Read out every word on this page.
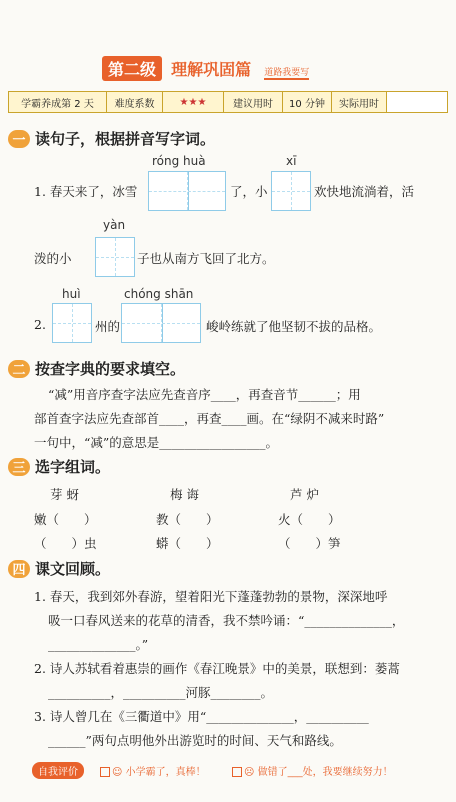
第二级 理解巩固篇 道路我要写
学霸养成第 2 天	难度系数	★★★	建议用时	10 分钟	实际用时
一 读句子，根据拼音写字词。
róng huà	xī
1. 春天来了，冰雪	了，小	欢快地流淌着，活
yàn
泼的小	子也从南方飞回了北方。
huì	chóng shān
2.	州的	峻岭练就了他坚韧不拔的品格。
二 按查字典的要求填空。
“减”用音序查字法应先查音序____，再查音节______；用
部首查字法应先查部首____，再查____画。在“绿阴不减来时路”
一句中，“减”的意思是_________________。
三 选字组词。
芽 蚜	梅 诲	芦 炉
嫩（　　）	教（　　）	火（　　）
（　　）虫	蟒（　　）	（　　）笋
四 课文回顾。
1. 春天，我到郊外春游，望着阳光下蓬蓬勃勃的景物，深深地呼
吸一口春风送来的花草的清香，我不禁吟诵：“______________，
______________。”
2. 诗人苏轼看着惠崇的画作《春江晚景》中的美景，联想到：蒌蒿
__________，__________河豚________。
3. 诗人曾几在《三衢道中》用“______________，__________
______”两句点明他外出游览时的时间、天气和路线。
自我评价	☺ 小学霸了，真棒！	☹ 做错了___处，我要继续努力！
